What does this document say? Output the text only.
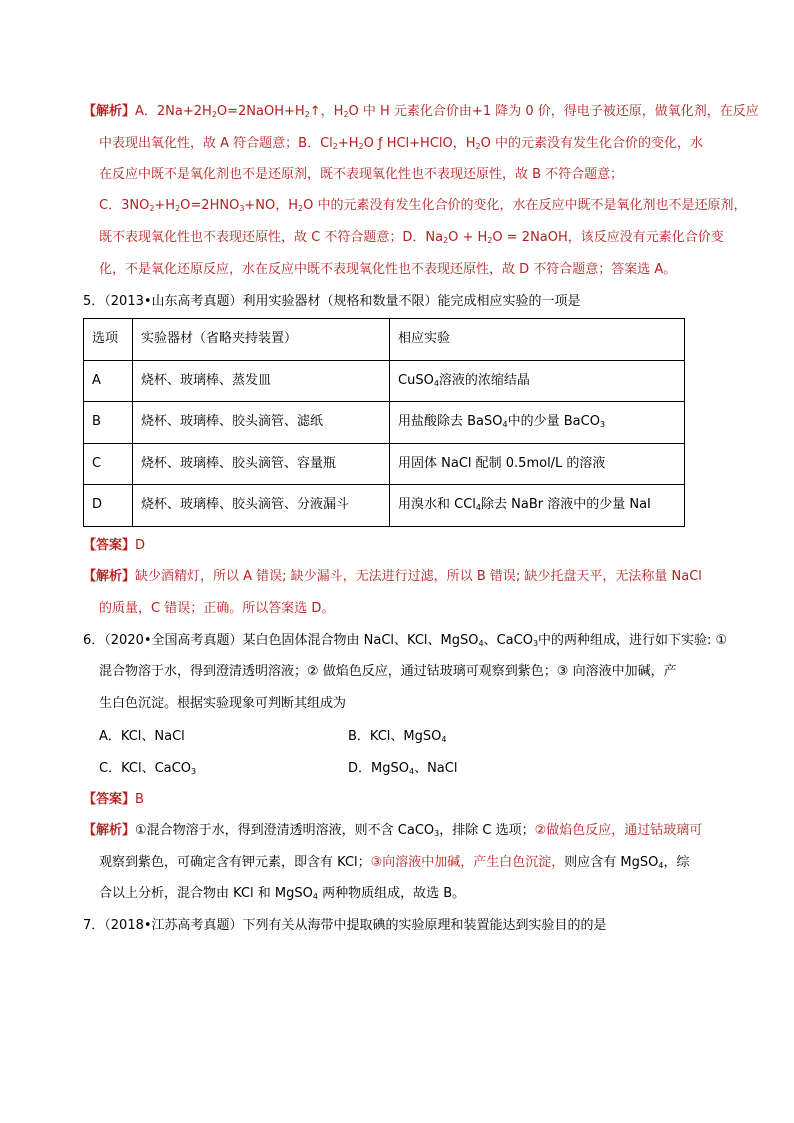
【解析】A．$2Na+2H_2O=2NaOH+H_2↑$，$H_2O$ 中 H 元素化合价由+1 降为 0 价，得电子被还原，做氧化剂，在反应
中表现出氧化性，故 A 符合题意；B．$Cl_2+H_2O$ ƒ HCl+HClO，$H_2O$ 中的元素没有发生化合价的变化，水
在反应中既不是氧化剂也不是还原剂，既不表现氧化性也不表现还原性，故 B 不符合题意；
C．$3NO_2+H_2O=2HNO_3+NO$，$H_2O$ 中的元素没有发生化合价的变化，水在反应中既不是氧化剂也不是还原剂，
既不表现氧化性也不表现还原性，故 C 不符合题意；D．$Na_2O + H_2O$ = 2NaOH，该反应没有元素化合价变
化，不是氧化还原反应，水在反应中既不表现氧化性也不表现还原性，故 D 不符合题意；答案选 A。
5．（2013•山东高考真题）利用实验器材（规格和数量不限）能完成相应实验的一项是
选项	实验器材（省略夹持装置）	相应实验
A	烧杯、玻璃棒、蒸发皿	CuSO$_4$溶液的浓缩结晶
B	烧杯、玻璃棒、胶头滴管、滤纸	用盐酸除去 BaSO$_4$中的少量 BaCO$_3$
C	烧杯、玻璃棒、胶头滴管、容量瓶	用固体 NaCl 配制 0.5mol/L 的溶液
D	烧杯、玻璃棒、胶头滴管、分液漏斗	用溴水和 CCl$_4$除去 NaBr 溶液中的少量 NaI
【答案】D
【解析】缺少酒精灯，所以 A 错误; 缺少漏斗，无法进行过滤，所以 B 错误; 缺少托盘天平，无法称量 NaCl
的质量，C 错误；正确。所以答案选 D。
6．（2020•全国高考真题）某白色固体混合物由 NaCl、KCl、MgSO$_4$、CaCO$_3$中的两种组成，进行如下实验: ①
混合物溶于水，得到澄清透明溶液；② 做焰色反应，通过钴玻璃可观察到紫色；③ 向溶液中加碱，产
生白色沉淀。根据实验现象可判断其组成为
A．KCl、NaCl	B．KCl、MgSO$_4$
C．KCl、CaCO$_3$	D．MgSO$_4$、NaCl
【答案】B
【解析】①混合物溶于水，得到澄清透明溶液，则不含 CaCO$_3$，排除 C 选项；②做焰色反应，通过钴玻璃可
观察到紫色，可确定含有钾元素，即含有 KCl；③向溶液中加碱，产生白色沉淀，则应含有 MgSO$_4$，综
合以上分析，混合物由 KCl 和 MgSO$_4$ 两种物质组成，故选 B。
7．（2018•江苏高考真题）下列有关从海带中提取碘的实验原理和装置能达到实验目的的是
